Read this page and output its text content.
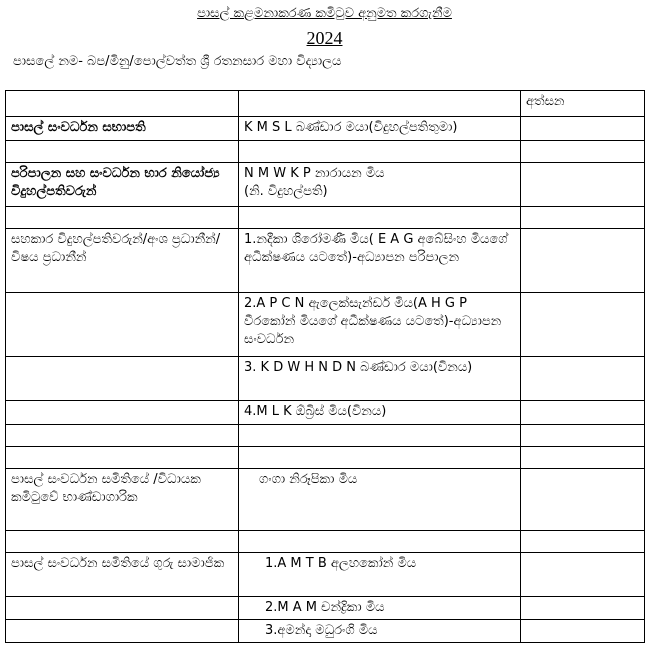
පාසල් කළමනාකරණ කමිටුව අනුමත කරගැනීම
2024
පාසලේ නම- බප/මිනු/පොල්වත්ත ශ්‍රී රතනසාර මහා විද්‍යාලය
		අත්සන
පාසල් සංවර්ධන සභාපති	K M S L බණ්ඩාර මයා(විදුහල්පතිතුමා)	

පරිපාලන සහ සංවර්ධන භාර නියෝජ්‍ය විදුහල්පතිවරුන්	N M W K P නාරායන මිය
(නි. විදුහල්පති)	

සහකාර විදුහල්පතිවරුන්/අංශ ප්‍රධානීන්/ විෂය ප්‍රධානීන්	1.නදීකා ශිරෝමණී මිය( E A G අබේසිංහ මියගේ අධීක්ෂණය යටතේ)-අධ්‍යාපන පරිපාලන	
	2.A P C N ඇලෙක්සැන්ඩර් මිය(A H G P වීරකෝන් මියගේ අධීක්ෂණය යටතේ)-අධ්‍යාපන සංවර්ධන	
	3. K D W H N D N බණ්ඩාර මයා(විනය)	
	4.M L K ඕබ්‍රිස් මිය(විනය)	

පාසල් සංවර්ධන සමිතියේ /විධායක කමිටුවේ භාණ්ඩාගාරික	ගංගා නිරූපිකා මිය	

පාසල් සංවර්ධන සමිතියේ ගුරු සාමාජික	1.A M T B අලහකෝන් මිය	
	2.M A M චන්ද්‍රිකා මිය	
	3.අමන්දා මධුරංගි මිය	
